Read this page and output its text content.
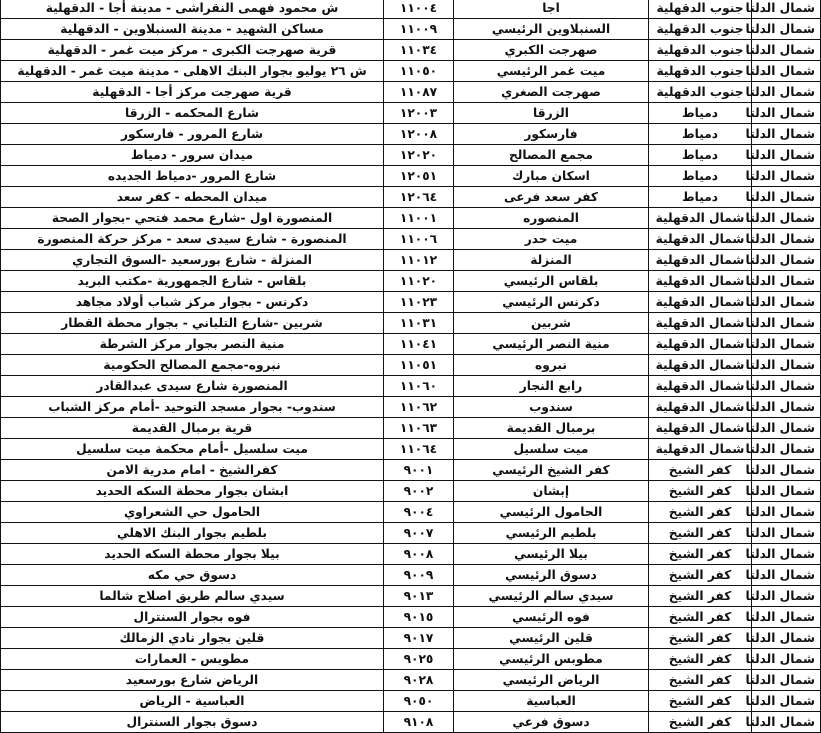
ش محمود فهمى النقراشى - مدينة أجا - الدقهلية	١١٠٠٤	اجا	جنوب الدقهلية	شمال الدلتا
مساكن الشهيد - مدينة السنبلاوين - الدقهلية	١١٠٠٩	السنبلاوين الرئيسي	جنوب الدقهلية	شمال الدلتا
قرية صهرجت الكبرى - مركز ميت غمر - الدقهلية	١١٠٣٤	صهرجت الكبري	جنوب الدقهلية	شمال الدلتا
ش ٢٦ يوليو بجوار البنك الاهلى - مدينة ميت غمر - الدقهلية	١١٠٥٠	ميت غمر الرئيسي	جنوب الدقهلية	شمال الدلتا
قرية صهرجت مركز أجا - الدقهلية	١١٠٨٧	صهرجت الصغري	جنوب الدقهلية	شمال الدلتا
شارع المحكمه - الزرقا	١٢٠٠٣	الزرقا	دمياط	شمال الدلتا
شارع المرور - فارسكور	١٢٠٠٨	فارسكور	دمياط	شمال الدلتا
ميدان سرور - دمياط	١٢٠٢٠	مجمع المصالح	دمياط	شمال الدلتا
شارع المرور -دمياط الجديده	١٢٠٥١	اسكان مبارك	دمياط	شمال الدلتا
ميدان المحطه - كفر سعد	١٢٠٦٤	كفر سعد فرعى	دمياط	شمال الدلتا
المنصورة اول -شارع محمد فتحي -بجوار الصحة	١١٠٠١	المنصوره	شمال الدقهلية	شمال الدلتا
المنصورة - شارع سيدى سعد - مركز حركة المنصورة	١١٠٠٦	ميت حدر	شمال الدقهلية	شمال الدلتا
المنزلة - شارع بورسعيد -السوق التجاري	١١٠١٢	المنزلة	شمال الدقهلية	شمال الدلتا
بلقاس - شارع الجمهورية -مكتب البريد	١١٠٢٠	بلقاس الرئيسي	شمال الدقهلية	شمال الدلتا
دكرنس - بجوار مركز شباب أولاد مجاهد	١١٠٢٣	دكرنس الرئيسي	شمال الدقهلية	شمال الدلتا
شربين -شارع التلباني - بجوار محطة القطار	١١٠٣١	شربين	شمال الدقهلية	شمال الدلتا
منية النصر بجوار مركز الشرطة	١١٠٤١	منية النصر الرئيسي	شمال الدقهلية	شمال الدلتا
نبروه-مجمع المصالح الحكومية	١١٠٥١	نبروه	شمال الدقهلية	شمال الدلتا
المنصورة شارع سيدى عبدالقادر	١١٠٦٠	رابع النجار	شمال الدقهلية	شمال الدلتا
سندوب- بجوار مسجد التوحيد -أمام مركز الشباب	١١٠٦٢	سندوب	شمال الدقهلية	شمال الدلتا
قرية برمبال القديمة	١١٠٦٣	برمبال القديمة	شمال الدقهلية	شمال الدلتا
ميت سلسيل -أمام محكمة ميت سلسيل	١١٠٦٤	ميت سلسيل	شمال الدقهلية	شمال الدلتا
كفرالشيخ - امام مدرية الامن	٩٠٠١	كفر الشيخ الرئيسي	كفر الشيخ	شمال الدلتا
ابشان بجوار محطة السكه الحديد	٩٠٠٢	إبشان	كفر الشيخ	شمال الدلتا
الحامول حي الشعراوي	٩٠٠٤	الحامول الرئيسي	كفر الشيخ	شمال الدلتا
بلطيم بجوار البنك الاهلي	٩٠٠٧	بلطيم الرئيسي	كفر الشيخ	شمال الدلتا
بيلا بجوار محطة السكه الحديد	٩٠٠٨	بيلا الرئيسي	كفر الشيخ	شمال الدلتا
دسوق حي مكه	٩٠٠٩	دسوق الرئيسي	كفر الشيخ	شمال الدلتا
سيدي سالم طريق اصلاح شالما	٩٠١٣	سيدي سالم الرئيسي	كفر الشيخ	شمال الدلتا
فوه بجوار السنترال	٩٠١٥	فوه الرئيسي	كفر الشيخ	شمال الدلتا
قلين بجوار نادي الزمالك	٩٠١٧	قلين الرئيسي	كفر الشيخ	شمال الدلتا
مطوبس - العمارات	٩٠٢٥	مطوبس الرئيسي	كفر الشيخ	شمال الدلتا
الرياض شارع بورسعيد	٩٠٢٨	الرياض الرئيسي	كفر الشيخ	شمال الدلتا
العباسية - الرياض	٩٠٥٠	العباسية	كفر الشيخ	شمال الدلتا
دسوق بجوار السنترال	٩١٠٨	دسوق فرعي	كفر الشيخ	شمال الدلتا
